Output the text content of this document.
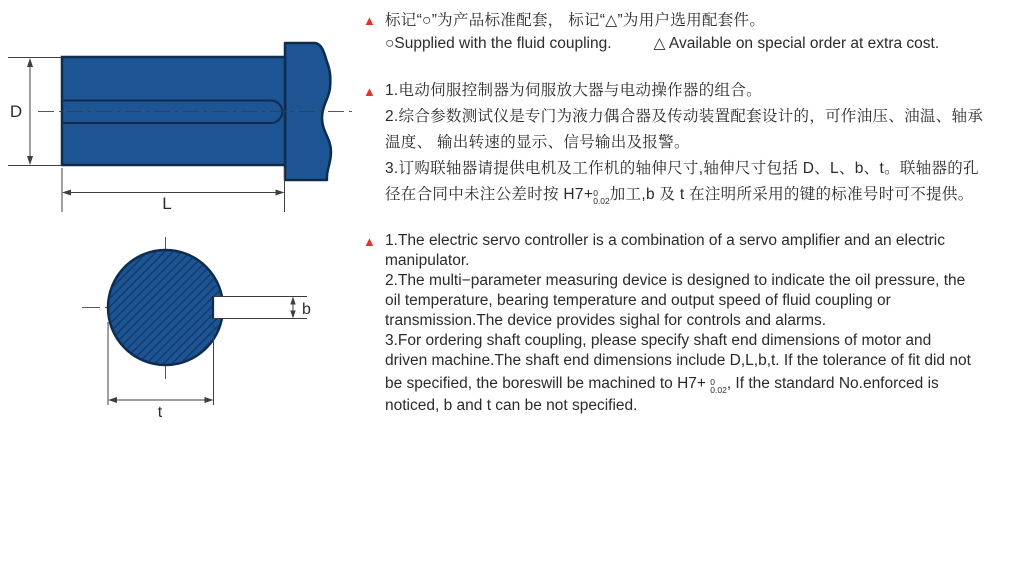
D
L
b
t
▲ 标记“○”为产品标准配套， 标记“△”为用户选用配套件。
○Supplied with the fluid coupling.	△ Available on special order at extra cost.
▲ 1.电动伺服控制器为伺服放大器与电动操作器的组合。
2.综合参数测试仪是专门为液力偶合器及传动装置配套设计的，可作油压、油温、轴承
温度、 输出转速的显示、信号输出及报警。
3.订购联轴器请提供电机及工作机的轴伸尺寸,轴伸尺寸包括 D、L、b、t。联轴器的孔
径在合同中未注公差时按 H7+ 0
0.02 加工,b 及 t 在注明所采用的键的标准号时可不提供。
▲ 1.The electric servo controller is a combination of a servo amplifier and an electric
manipulator.
2.The multi−parameter measuring device is designed to indicate the oil pressure, the
oil temperature, bearing temperature and output speed of fluid coupling or
transmission.The device provides sighal for controls and alarms.
3.For ordering shaft coupling, please specify shaft end dimensions of motor and
driven machine.The shaft end dimensions include D,L,b,t. If the tolerance of fit did not
be specified, the boreswill be machined to H7+ 0
0.02 , If the standard No.enforced is
noticed, b and t can be not specified.
